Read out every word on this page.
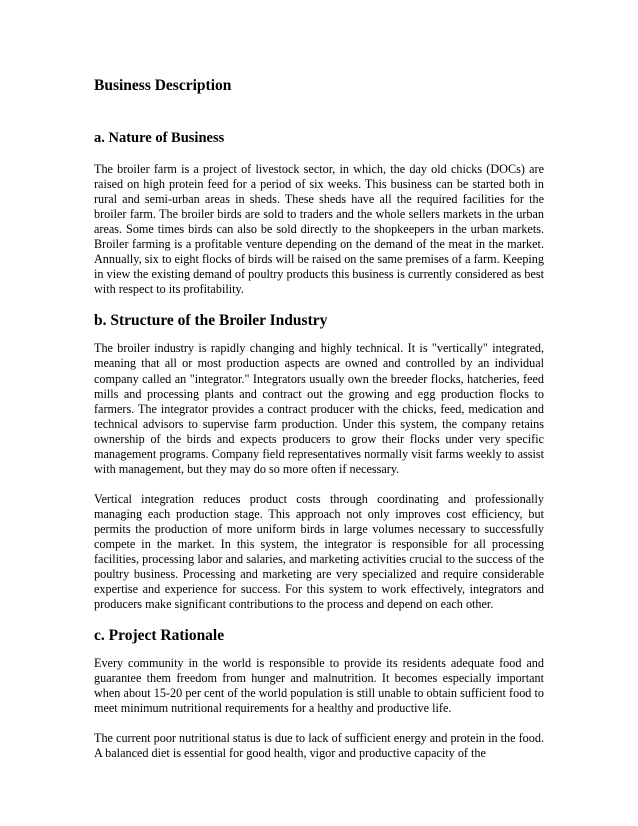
Business Description
a. Nature of Business

The broiler farm is a project of livestock sector, in which, the day old chicks (DOCs) are raised on high protein feed for a period of six weeks. This business can be started both in rural and semi-urban areas in sheds. These sheds have all the required facilities for the broiler farm. The broiler birds are sold to traders and the whole sellers markets in the urban areas. Some times birds can also be sold directly to the shopkeepers in the urban markets. Broiler farming is a profitable venture depending on the demand of the meat in the market. Annually, six to eight flocks of birds will be raised on the same premises of a farm. Keeping in view the existing demand of poultry products this business is currently considered as best with respect to its profitability.

b. Structure of the Broiler Industry

The broiler industry is rapidly changing and highly technical. It is "vertically" integrated, meaning that all or most production aspects are owned and controlled by an individual company called an "integrator." Integrators usually own the breeder flocks, hatcheries, feed mills and processing plants and contract out the growing and egg production flocks to farmers. The integrator provides a contract producer with the chicks, feed, medication and technical advisors to supervise farm production. Under this system, the company retains ownership of the birds and expects producers to grow their flocks under very specific management programs. Company field representatives normally visit farms weekly to assist with management, but they may do so more often if necessary.

Vertical integration reduces product costs through coordinating and professionally managing each production stage. This approach not only improves cost efficiency, but permits the production of more uniform birds in large volumes necessary to successfully compete in the market. In this system, the integrator is responsible for all processing facilities, processing labor and salaries, and marketing activities crucial to the success of the poultry business. Processing and marketing are very specialized and require considerable expertise and experience for success. For this system to work effectively, integrators and producers make significant contributions to the process and depend on each other.

c. Project Rationale

Every community in the world is responsible to provide its residents adequate food and guarantee them freedom from hunger and malnutrition. It becomes especially important when about 15-20 per cent of the world population is still unable to obtain sufficient food to meet minimum nutritional requirements for a healthy and productive life.

The current poor nutritional status is due to lack of sufficient energy and protein in the food. A balanced diet is essential for good health, vigor and productive capacity of the
